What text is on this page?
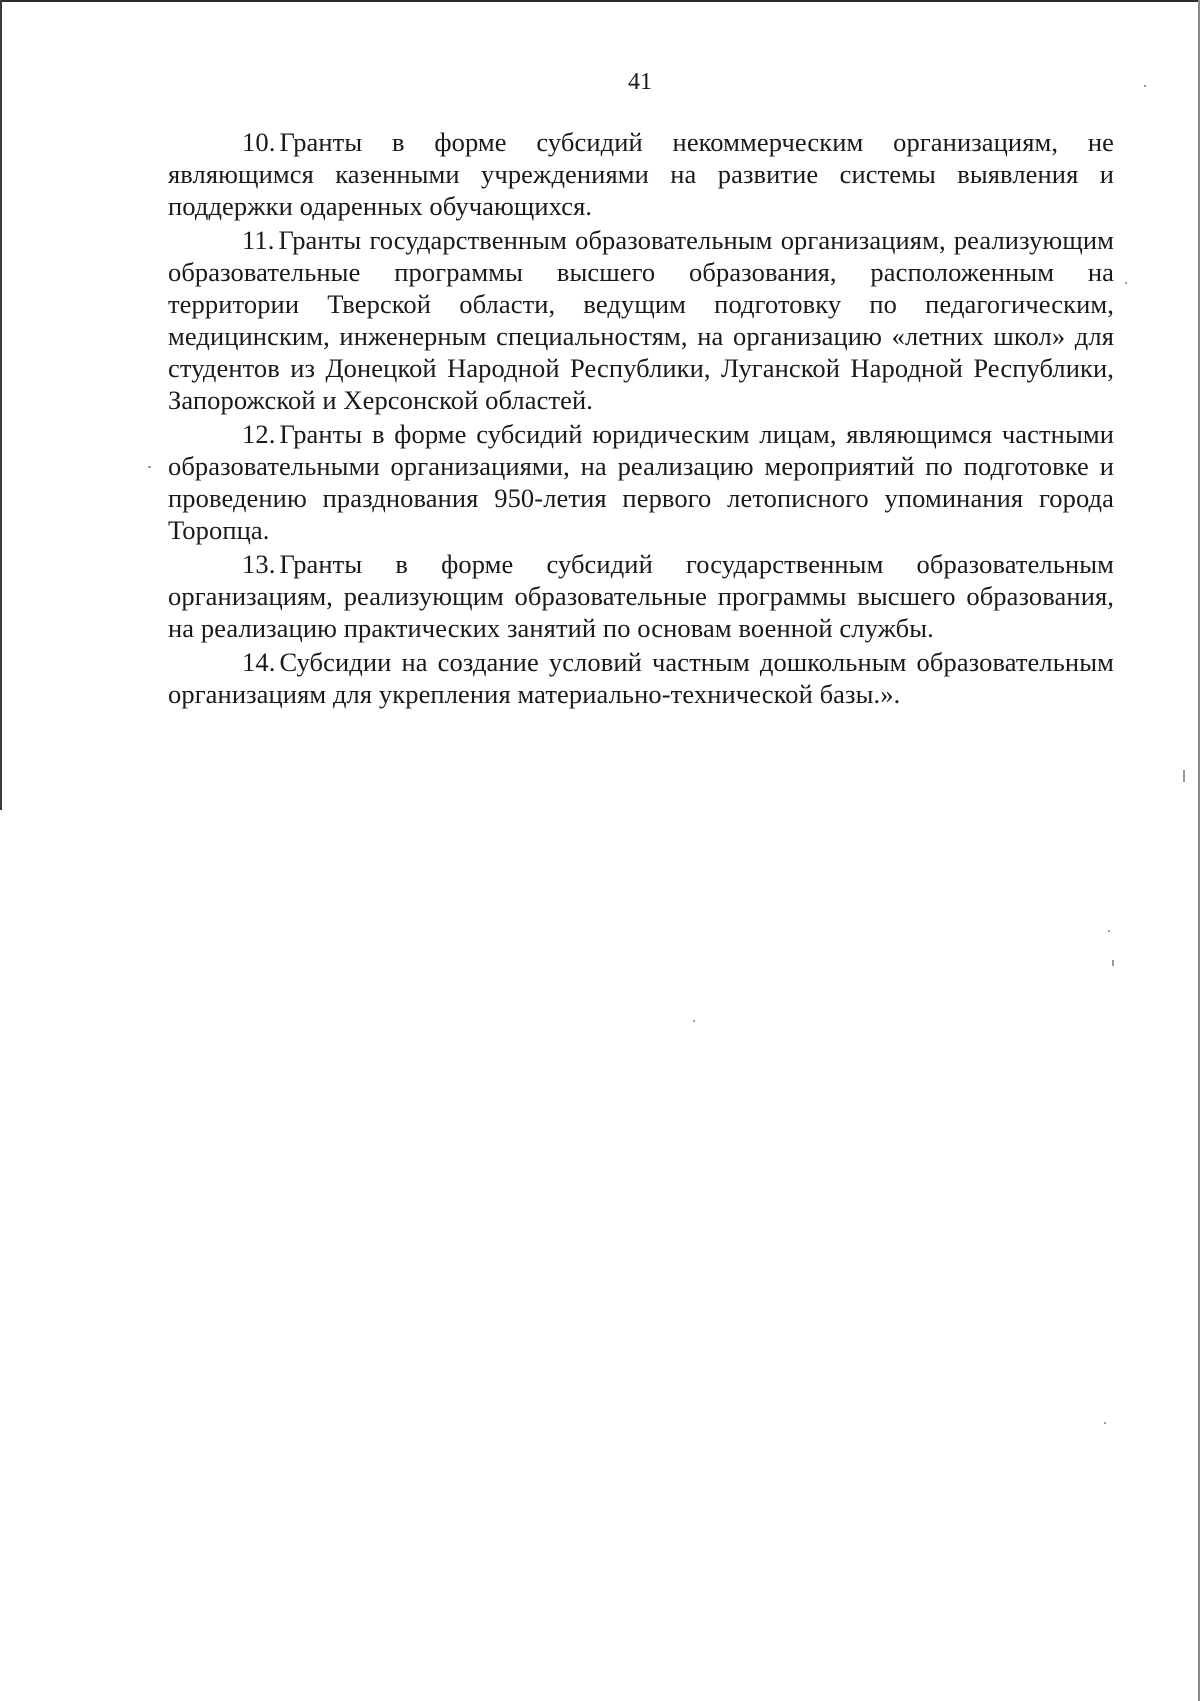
41

10. Гранты в форме субсидий некоммерческим организациям, не являющимся казенными учреждениями на развитие системы выявления и поддержки одаренных обучающихся.

11. Гранты государственным образовательным организациям, реализующим образовательные программы высшего образования, расположенным на территории Тверской области, ведущим подготовку по педагогическим, медицинским, инженерным специальностям, на организацию «летних школ» для студентов из Донецкой Народной Республики, Луганской Народной Республики, Запорожской и Херсонской областей.

12. Гранты в форме субсидий юридическим лицам, являющимся частными образовательными организациями, на реализацию мероприятий по подготовке и проведению празднования 950-летия первого летописного упоминания города Торопца.

13. Гранты в форме субсидий государственным образовательным организациям, реализующим образовательные программы высшего образования, на реализацию практических занятий по основам военной службы.

14. Субсидии на создание условий частным дошкольным образовательным организациям для укрепления материально-технической базы.».
